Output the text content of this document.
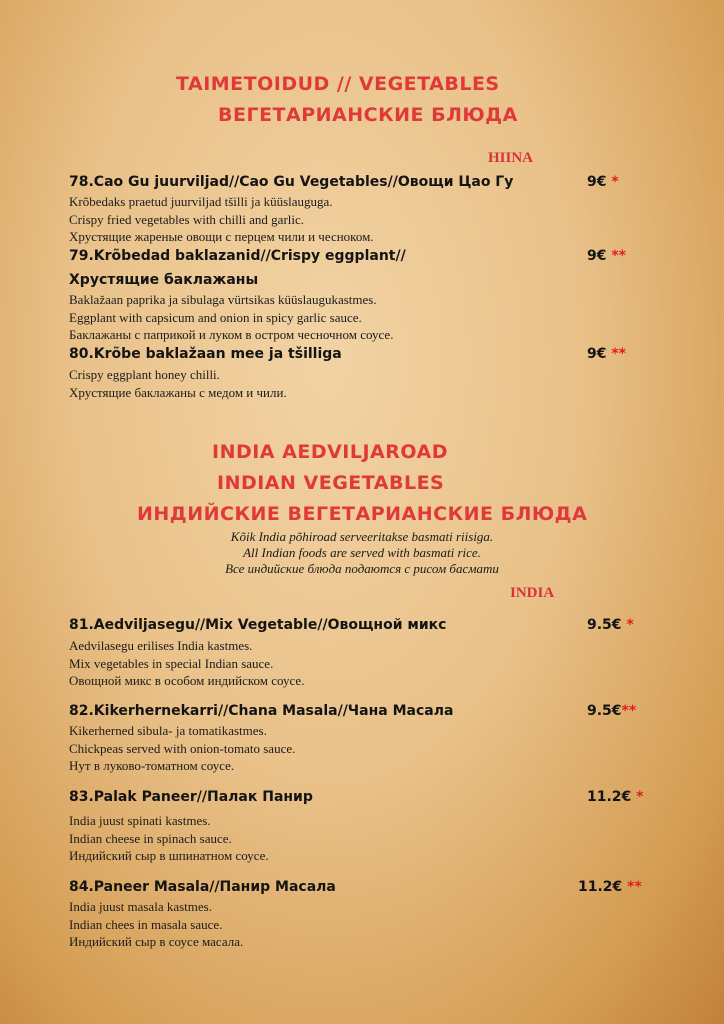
TAIMETOIDUD // VEGETABLES
ВЕГЕТАРИАНСКИЕ БЛЮДА
HIINA
78.Cao Gu juurviljad//Cao Gu Vegetables//Овощи Цао Гу	9€ *
Krõbedaks praetud juurviljad tšilli ja küüslauguga.
Crispy fried vegetables with chilli and garlic.
Хрустящие жареные овощи с перцем чили и чесноком.
79.Krõbedad baklazanid//Crispy eggplant//	9€ **
Хрустящие баклажаны
Baklažaan paprika ja sibulaga vürtsikas küüslaugukastmes.
Eggplant with capsicum and onion in spicy garlic sauce.
Баклажаны с паприкой и луком в остром чесночном соусе.
80.Krõbe baklažaan mee ja tšilliga	9€ **
Crispy eggplant honey chilli.
Хрустящие баклажаны с медом и чили.
INDIA AEDVILJAROAD
INDIAN VEGETABLES
ИНДИЙСКИЕ ВЕГЕТАРИАНСКИЕ БЛЮДА
Kõik India põhiroad serveeritakse basmati riisiga.
All Indian foods are served with basmati rice.
Все индийские блюда подаются с рисом басмати
INDIA
81.Aedviljasegu//Mix Vegetable//Овощной микс	9.5€ *
Aedvilasegu erilises India kastmes.
Mix vegetables in special Indian sauce.
Овощной микс в особом индийском соусе.
82.Kikerhernekarri//Chana Masala//Чана Масала	9.5€**
Kikerherned sibula- ja tomatikastmes.
Chickpeas served with onion-tomato sauce.
Нут в луково-томатном соусе.
83.Palak Paneer//Палак Панир	11.2€ *
India juust spinati kastmes.
Indian cheese in spinach sauce.
Индийский сыр в шпинатном соусе.
84.Paneer Masala//Панир Масала	11.2€ **
India juust masala kastmes.
Indian chees in masala sauce.
Индийский сыр в соусе масала.
